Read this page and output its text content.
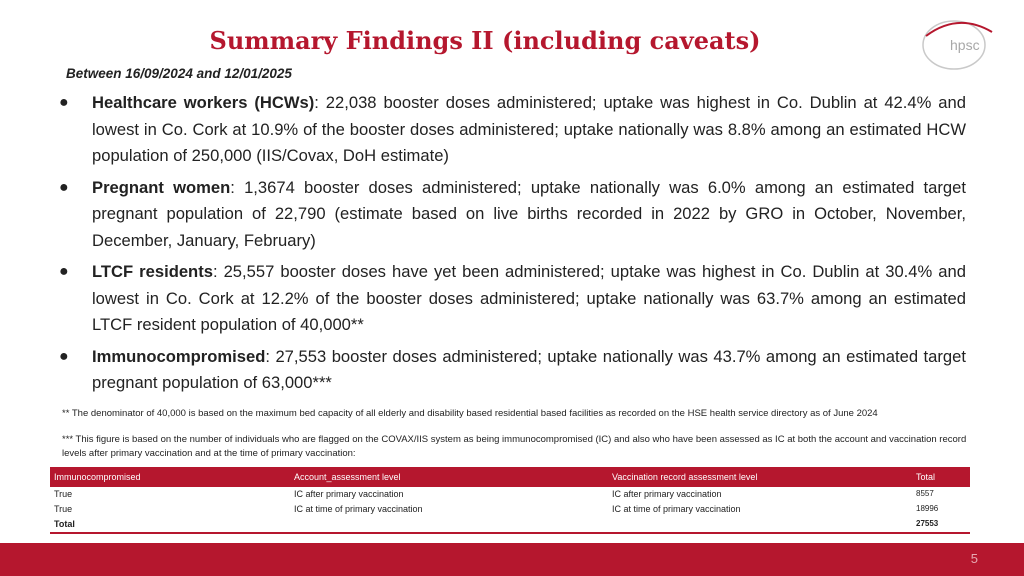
Summary Findings II (including caveats)	hpsc
Between 16/09/2024 and 12/01/2025
● Healthcare workers (HCWs): 22,038 booster doses administered; uptake was highest in Co. Dublin at 42.4% and lowest in Co. Cork at 10.9% of the booster doses administered; uptake nationally was 8.8% among an estimated HCW population of 250,000 (IIS/Covax, DoH estimate)
● Pregnant women: 1,3674 booster doses administered; uptake nationally was 6.0% among an estimated target pregnant population of 22,790 (estimate based on live births recorded in 2022 by GRO in October, November, December, January, February)
● LTCF residents: 25,557 booster doses have yet been administered; uptake was highest in Co. Dublin at 30.4% and lowest in Co. Cork at 12.2% of the booster doses administered; uptake nationally was 63.7% among an estimated LTCF resident population of 40,000**
● Immunocompromised: 27,553 booster doses administered; uptake nationally was 43.7% among an estimated target pregnant population of 63,000***
** The denominator of 40,000 is based on the maximum bed capacity of all elderly and disability based residential based facilities as recorded on the HSE health service directory as of June 2024
*** This figure is based on the number of individuals who are flagged on the COVAX/IIS system as being immunocompromised (IC) and also who have been assessed as IC at both the account and vaccination record levels after primary vaccination and at the time of primary vaccination:
Immunocompromised	Account_assessment level	Vaccination record assessment level	Total
True	IC after primary vaccination	IC after primary vaccination	8557
True	IC at time of primary vaccination	IC at time of primary vaccination	18996
Total			27553
5
